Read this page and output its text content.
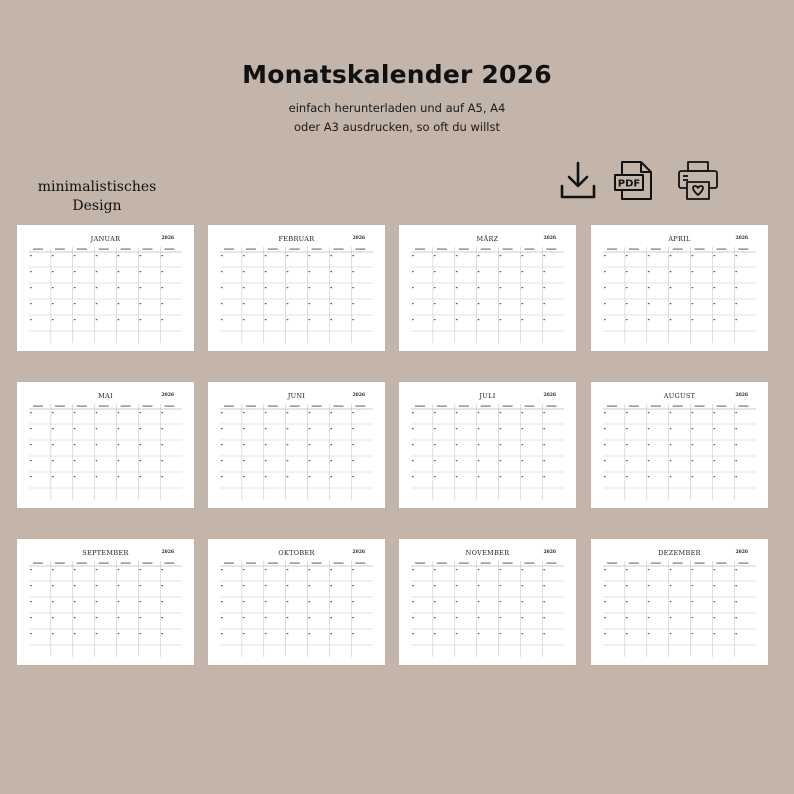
Monatskalender 2026
einfach herunterladen und auf A5, A4
oder A3 ausdrucken, so oft du willst
minimalistisches
Design
PDF
JANUAR	2026	FEBRUAR	2026	MÄRZ	2026	APRIL	2026
MAI	2026	JUNI	2026	JULI	2026	AUGUST	2026
SEPTEMBER	2026	OKTOBER	2026	NOVEMBER	2026	DEZEMBER	2026
